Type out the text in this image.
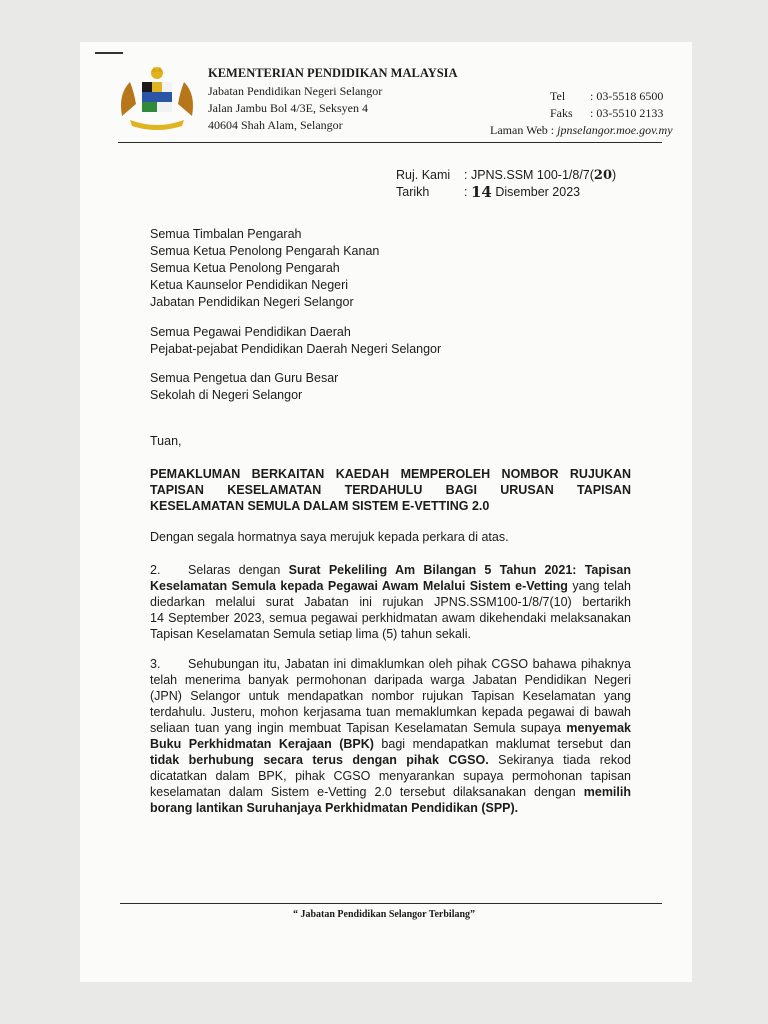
KEMENTERIAN PENDIDIKAN MALAYSIA
Jabatan Pendidikan Negeri Selangor
Jalan Jambu Bol 4/3E, Seksyen 4
40604 Shah Alam, Selangor
Tel	: 03-5518 6500
Faks	: 03-5510 2133
Laman Web :
jpnselangor.moe.gov.my
Ruj. Kami	: JPNS.SSM 100-1/8/7( 20 )
Tarikh	:
14
Disember 2023
Semua Timbalan Pengarah
Semua Ketua Penolong Pengarah Kanan
Semua Ketua Penolong Pengarah
Ketua Kaunselor Pendidikan Negeri
Jabatan Pendidikan Negeri Selangor
Semua Pegawai Pendidikan Daerah
Pejabat-pejabat Pendidikan Daerah Negeri Selangor
Semua Pengetua dan Guru Besar
Sekolah di Negeri Selangor
Tuan,
PEMAKLUMAN BERKAITAN KAEDAH MEMPEROLEH NOMBOR RUJUKAN
TAPISAN KESELAMATAN TERDAHULU BAGI URUSAN TAPISAN
KESELAMATAN SEMULA DALAM SISTEM E-VETTING 2.0
Dengan segala hormatnya saya merujuk kepada perkara di atas.
2. Selaras dengan Surat Pekeliling Am Bilangan 5 Tahun 2021: Tapisan
Keselamatan Semula kepada Pegawai Awam Melalui Sistem e-Vetting yang telah
diedarkan melalui surat Jabatan ini rujukan JPNS.SSM100-1/8/7(10) bertarikh
14 September 2023, semua pegawai perkhidmatan awam dikehendaki melaksanakan
Tapisan Keselamatan Semula setiap lima (5) tahun sekali.
3. Sehubungan itu, Jabatan ini dimaklumkan oleh pihak CGSO bahawa pihaknya
telah menerima banyak permohonan daripada warga Jabatan Pendidikan Negeri
(JPN) Selangor untuk mendapatkan nombor rujukan Tapisan Keselamatan yang
terdahulu. Justeru, mohon kerjasama tuan memaklumkan kepada pegawai di bawah
seliaan tuan yang ingin membuat Tapisan Keselamatan Semula supaya menyemak
Buku Perkhidmatan Kerajaan (BPK) bagi mendapatkan maklumat tersebut dan
tidak berhubung secara terus dengan pihak CGSO. Sekiranya tiada rekod
dicatatkan dalam BPK, pihak CGSO menyarankan supaya permohonan tapisan
keselamatan dalam Sistem e-Vetting 2.0 tersebut dilaksanakan dengan memilih
borang lantikan Suruhanjaya Perkhidmatan Pendidikan (SPP).
“ Jabatan Pendidikan Selangor Terbilang”
